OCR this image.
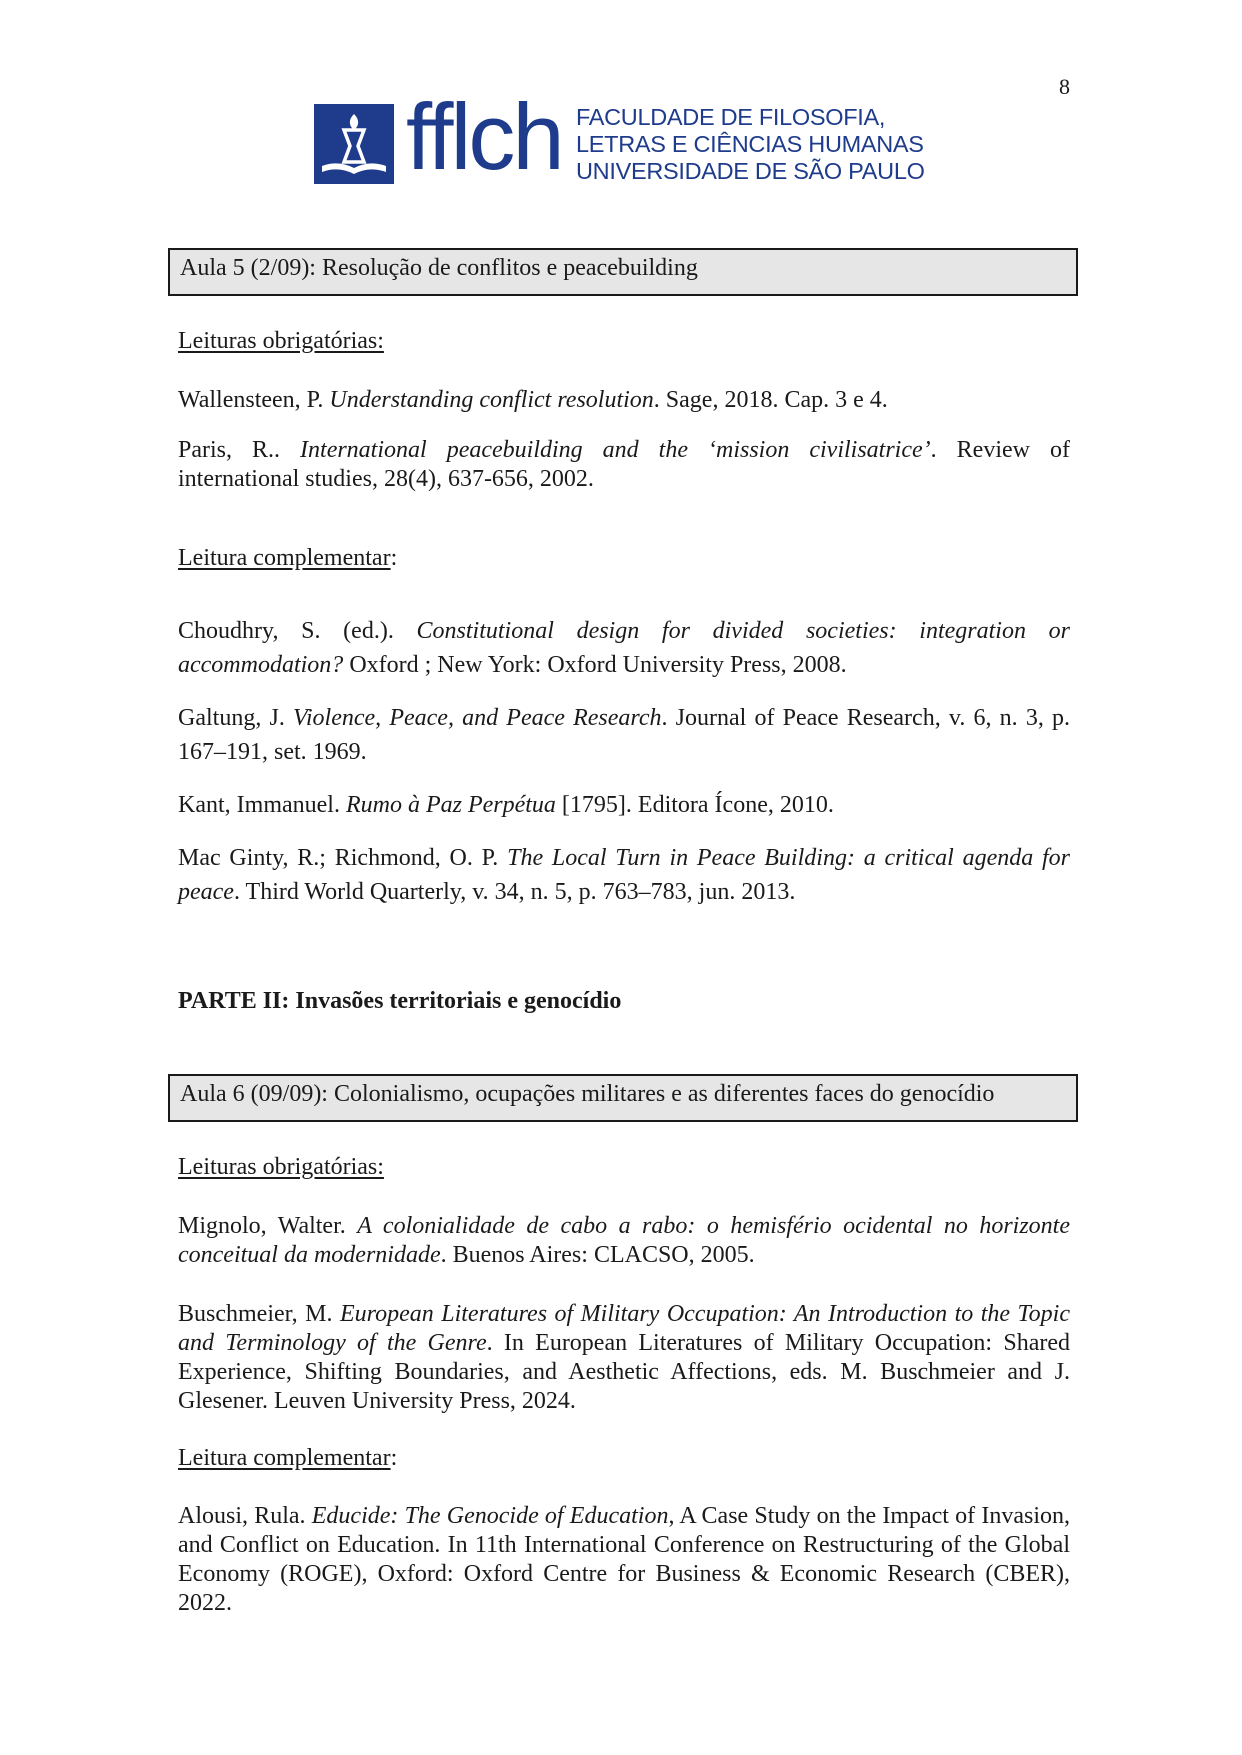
8
fflch FACULDADE DE FILOSOFIA,
LETRAS E CIÊNCIAS HUMANAS
UNIVERSIDADE DE SÃO PAULO
Aula 5 (2/09): Resolução de conflitos e peacebuilding
Leituras obrigatórias:
Wallensteen, P. Understanding conflict resolution. Sage, 2018. Cap. 3 e 4.
Paris, R.. International peacebuilding and the ‘mission civilisatrice’. Review of international studies, 28(4), 637-656, 2002.
Leitura complementar:
Choudhry, S. (ed.). Constitutional design for divided societies: integration or accommodation? Oxford ; New York: Oxford University Press, 2008.
Galtung, J. Violence, Peace, and Peace Research. Journal of Peace Research, v. 6, n. 3, p. 167–191, set. 1969.
Kant, Immanuel. Rumo à Paz Perpétua [1795]. Editora Ícone, 2010.
Mac Ginty, R.; Richmond, O. P. The Local Turn in Peace Building: a critical agenda for peace. Third World Quarterly, v. 34, n. 5, p. 763–783, jun. 2013.
PARTE II: Invasões territoriais e genocídio
Aula 6 (09/09): Colonialismo, ocupações militares e as diferentes faces do genocídio
Leituras obrigatórias:
Mignolo, Walter. A colonialidade de cabo a rabo: o hemisfério ocidental no horizonte conceitual da modernidade. Buenos Aires: CLACSO, 2005.
Buschmeier, M. European Literatures of Military Occupation: An Introduction to the Topic and Terminology of the Genre. In European Literatures of Military Occupation: Shared Experience, Shifting Boundaries, and Aesthetic Affections, eds. M. Buschmeier and J. Glesener. Leuven University Press, 2024.
Leitura complementar:
Alousi, Rula. Educide: The Genocide of Education, A Case Study on the Impact of Invasion, and Conflict on Education. In 11th International Conference on Restructuring of the Global Economy (ROGE), Oxford: Oxford Centre for Business & Economic Research (CBER), 2022.
